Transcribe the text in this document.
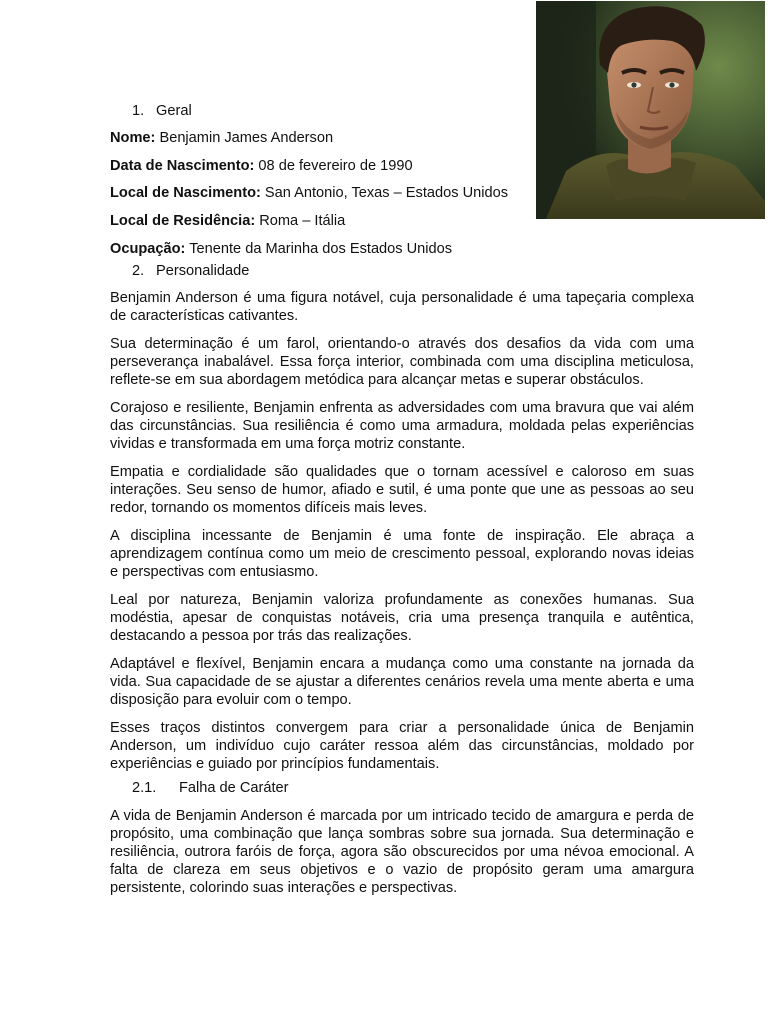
1. Geral
Nome: Benjamin James Anderson
Data de Nascimento: 08 de fevereiro de 1990
Local de Nascimento: San Antonio, Texas – Estados Unidos
Local de Residência: Roma – Itália
Ocupação: Tenente da Marinha dos Estados Unidos
2. Personalidade

Benjamin Anderson é uma figura notável, cuja personalidade é uma tapeçaria complexa de características cativantes.

Sua determinação é um farol, orientando-o através dos desafios da vida com uma perseverança inabalável. Essa força interior, combinada com uma disciplina meticulosa, reflete-se em sua abordagem metódica para alcançar metas e superar obstáculos.

Corajoso e resiliente, Benjamin enfrenta as adversidades com uma bravura que vai além das circunstâncias. Sua resiliência é como uma armadura, moldada pelas experiências vividas e transformada em uma força motriz constante.

Empatia e cordialidade são qualidades que o tornam acessível e caloroso em suas interações. Seu senso de humor, afiado e sutil, é uma ponte que une as pessoas ao seu redor, tornando os momentos difíceis mais leves.

A disciplina incessante de Benjamin é uma fonte de inspiração. Ele abraça a aprendizagem contínua como um meio de crescimento pessoal, explorando novas ideias e perspectivas com entusiasmo.

Leal por natureza, Benjamin valoriza profundamente as conexões humanas. Sua modéstia, apesar de conquistas notáveis, cria uma presença tranquila e autêntica, destacando a pessoa por trás das realizações.

Adaptável e flexível, Benjamin encara a mudança como uma constante na jornada da vida. Sua capacidade de se ajustar a diferentes cenários revela uma mente aberta e uma disposição para evoluir com o tempo.

Esses traços distintos convergem para criar a personalidade única de Benjamin Anderson, um indivíduo cujo caráter ressoa além das circunstâncias, moldado por experiências e guiado por princípios fundamentais.

2.1. Falha de Caráter

A vida de Benjamin Anderson é marcada por um intricado tecido de amargura e perda de propósito, uma combinação que lança sombras sobre sua jornada. Sua determinação e resiliência, outrora faróis de força, agora são obscurecidos por uma névoa emocional. A falta de clareza em seus objetivos e o vazio de propósito geram uma amargura persistente, colorindo suas interações e perspectivas.
